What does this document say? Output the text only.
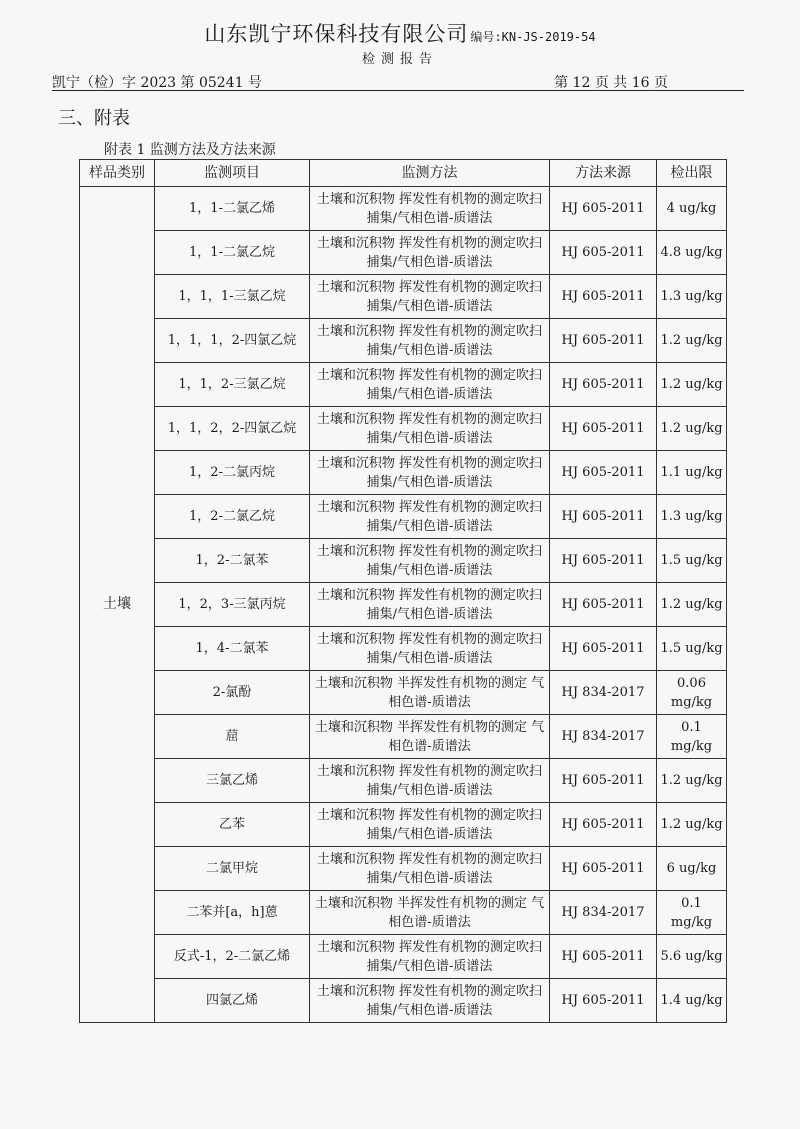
山东凯宁环保科技有限公司 编号:KN-JS-2019-54
检测报告
凯宁（检）字 2023 第 05241 号	第 12 页 共 16 页
三、附表
附表 1 监测方法及方法来源
样品类别	监测项目	监测方法	方法来源	检出限
土壤	1，1-二氯乙烯	土壤和沉积物 挥发性有机物的测定吹扫捕集/气相色谱-质谱法	HJ 605-2011	4 ug/kg
	1，1-二氯乙烷	土壤和沉积物 挥发性有机物的测定吹扫捕集/气相色谱-质谱法	HJ 605-2011	4.8 ug/kg
	1，1，1-三氯乙烷	土壤和沉积物 挥发性有机物的测定吹扫捕集/气相色谱-质谱法	HJ 605-2011	1.3 ug/kg
	1，1，1，2-四氯乙烷	土壤和沉积物 挥发性有机物的测定吹扫捕集/气相色谱-质谱法	HJ 605-2011	1.2 ug/kg
	1，1，2-三氯乙烷	土壤和沉积物 挥发性有机物的测定吹扫捕集/气相色谱-质谱法	HJ 605-2011	1.2 ug/kg
	1，1，2，2-四氯乙烷	土壤和沉积物 挥发性有机物的测定吹扫捕集/气相色谱-质谱法	HJ 605-2011	1.2 ug/kg
	1，2-二氯丙烷	土壤和沉积物 挥发性有机物的测定吹扫捕集/气相色谱-质谱法	HJ 605-2011	1.1 ug/kg
	1，2-二氯乙烷	土壤和沉积物 挥发性有机物的测定吹扫捕集/气相色谱-质谱法	HJ 605-2011	1.3 ug/kg
	1，2-二氯苯	土壤和沉积物 挥发性有机物的测定吹扫捕集/气相色谱-质谱法	HJ 605-2011	1.5 ug/kg
	1，2，3-三氯丙烷	土壤和沉积物 挥发性有机物的测定吹扫捕集/气相色谱-质谱法	HJ 605-2011	1.2 ug/kg
	1，4-二氯苯	土壤和沉积物 挥发性有机物的测定吹扫捕集/气相色谱-质谱法	HJ 605-2011	1.5 ug/kg
	2-氯酚	土壤和沉积物 半挥发性有机物的测定 气相色谱-质谱法	HJ 834-2017	0.06 mg/kg
	䓛	土壤和沉积物 半挥发性有机物的测定 气相色谱-质谱法	HJ 834-2017	0.1 mg/kg
	三氯乙烯	土壤和沉积物 挥发性有机物的测定吹扫捕集/气相色谱-质谱法	HJ 605-2011	1.2 ug/kg
	乙苯	土壤和沉积物 挥发性有机物的测定吹扫捕集/气相色谱-质谱法	HJ 605-2011	1.2 ug/kg
	二氯甲烷	土壤和沉积物 挥发性有机物的测定吹扫捕集/气相色谱-质谱法	HJ 605-2011	6 ug/kg
	二苯并[a，h]蒽	土壤和沉积物 半挥发性有机物的测定 气相色谱-质谱法	HJ 834-2017	0.1 mg/kg
	反式-1，2-二氯乙烯	土壤和沉积物 挥发性有机物的测定吹扫捕集/气相色谱-质谱法	HJ 605-2011	5.6 ug/kg
	四氯乙烯	土壤和沉积物 挥发性有机物的测定吹扫捕集/气相色谱-质谱法	HJ 605-2011	1.4 ug/kg
